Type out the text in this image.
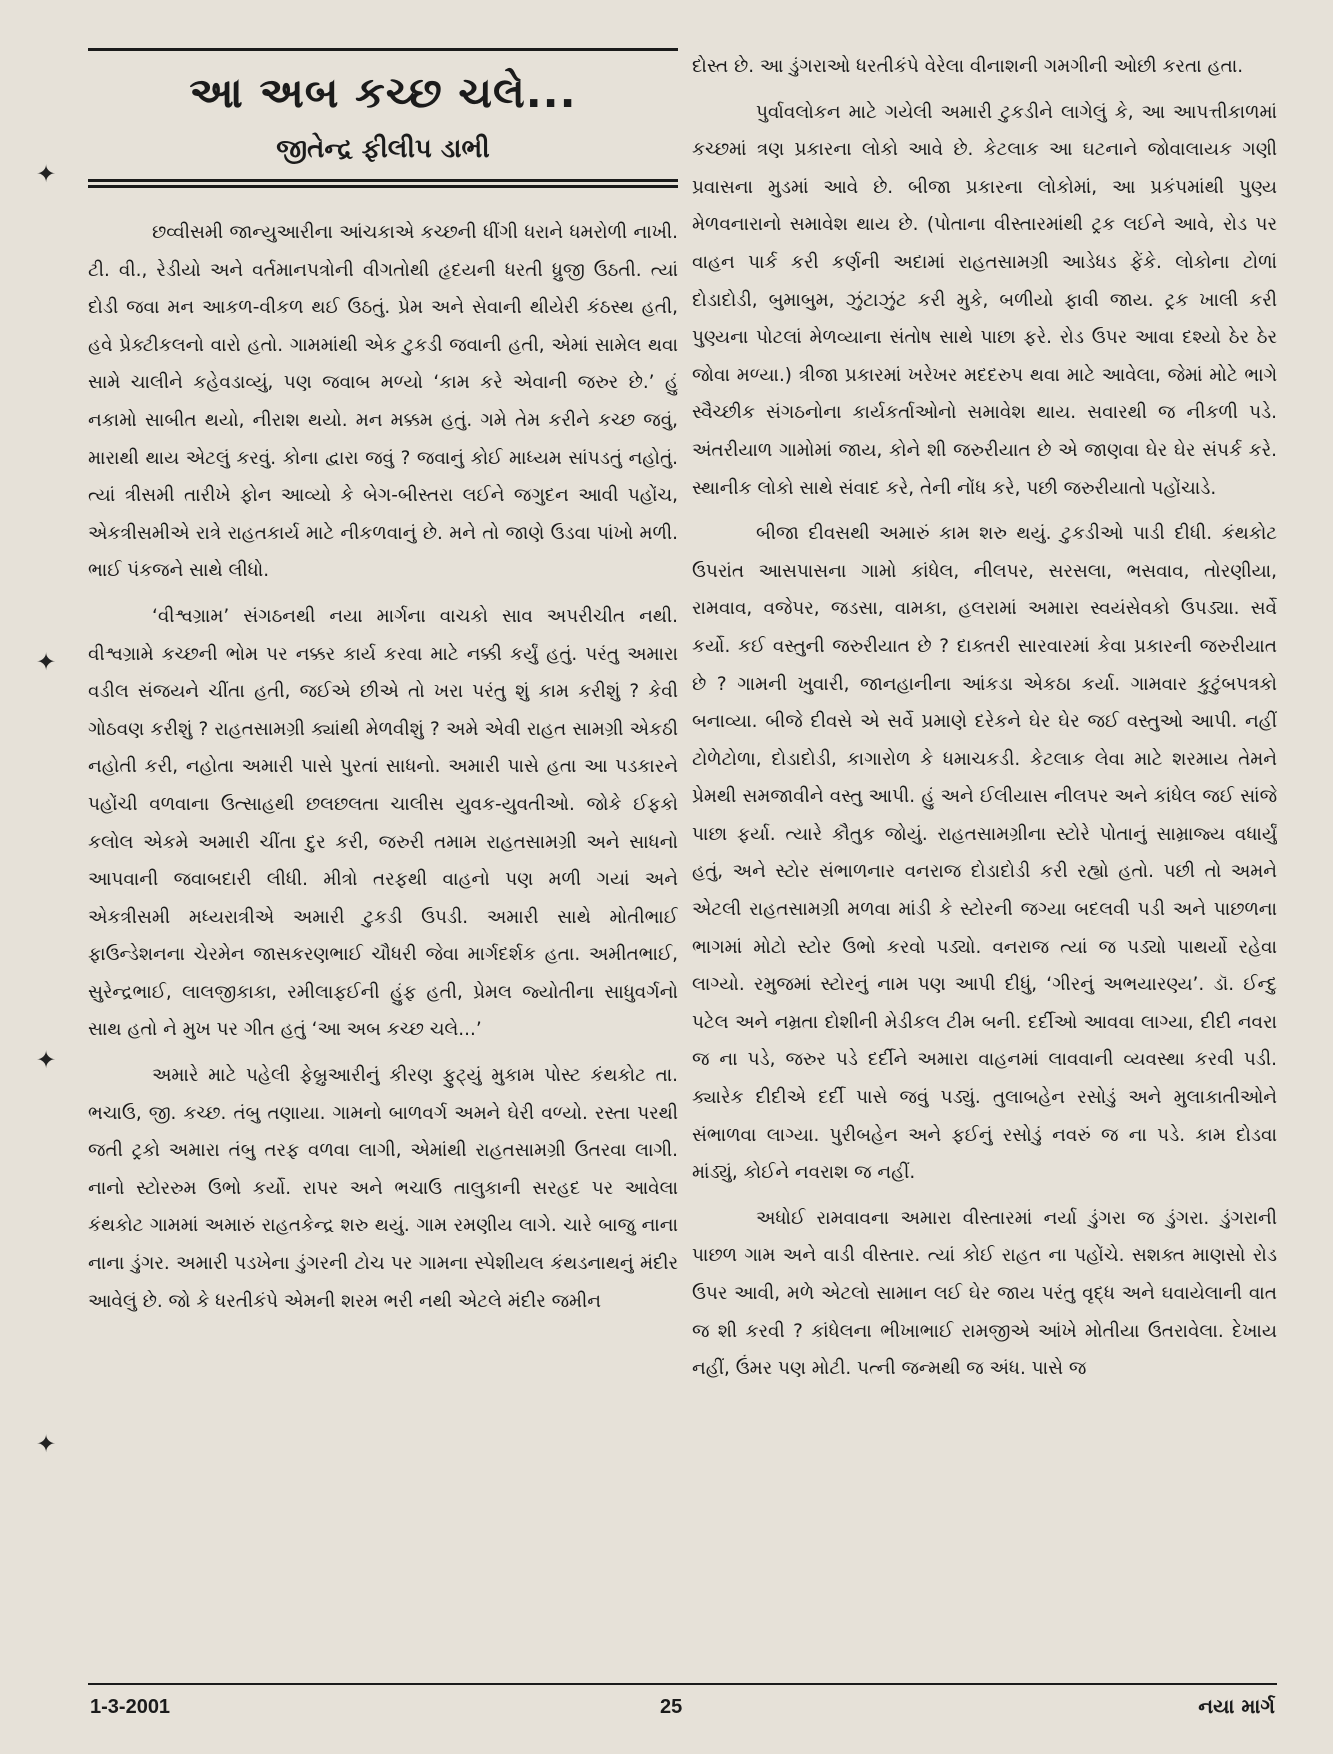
આ અબ કચ્છ ચલે...
જીતેન્દ્ર ફીલીપ ડાભી

છવ્વીસમી જાન્યુઆરીના આંચકાએ કચ્છની ધીંગી ધરાને ધમરોળી નાખી. ટી. વી., રેડીયો અને વર્તમાનપત્રોની વીગતોથી હૃદયની ધરતી ધ્રુજી ઉઠતી. ત્યાં દોડી જવા મન આકળ-વીકળ થઈ ઉઠતું. પ્રેમ અને સેવાની થીયેરી કંઠસ્થ હતી, હવે પ્રેક્ટીકલનો વારો હતો. ગામમાંથી એક ટુકડી જવાની હતી, એમાં સામેલ થવા સામે ચાલીને કહેવડાવ્યું, પણ જવાબ મળ્યો ‘કામ કરે એવાની જરુર છે.’ હું નકામો સાબીત થયો, નીરાશ થયો. મન મક્કમ હતું. ગમે તેમ કરીને કચ્છ જવું, મારાથી થાય એટલું કરવું. કોના દ્વારા જવું ? જવાનું કોઈ માધ્યમ સાંપડતું નહોતું. ત્યાં ત્રીસમી તારીખે ફોન આવ્યો કે બેગ-બીસ્તરા લઈને જગુદન આવી પહોંચ, એકત્રીસમીએ રાત્રે રાહતકાર્ય માટે નીકળવાનું છે. મને તો જાણે ઉડવા પાંખો મળી. ભાઈ પંકજને સાથે લીધો.

‘વીશ્વગ્રામ’ સંગઠનથી નયા માર્ગના વાચકો સાવ અપરીચીત નથી. વીશ્વગ્રામે કચ્છની ભોમ પર નક્કર કાર્ય કરવા માટે નક્કી કર્યું હતું. પરંતુ અમારા વડીલ સંજયને ચીંતા હતી, જઈએ છીએ તો ખરા પરંતુ શું કામ કરીશું ? કેવી ગોઠવણ કરીશું ? રાહતસામગ્રી ક્યાંથી મેળવીશું ? અમે એવી રાહત સામગ્રી એકઠી નહોતી કરી, નહોતા અમારી પાસે પુરતાં સાધનો. અમારી પાસે હતા આ પડકારને પહોંચી વળવાના ઉત્સાહથી છલછલતા ચાલીસ યુવક-યુવતીઓ. જોકે ઈફકો કલોલ એકમે અમારી ચીંતા દુર કરી, જરુરી તમામ રાહતસામગ્રી અને સાધનો આપવાની જવાબદારી લીધી. મીત્રો તરફથી વાહનો પણ મળી ગયાં અને એકત્રીસમી મધ્યરાત્રીએ અમારી ટુકડી ઉપડી. અમારી સાથે મોતીભાઈ ફાઉન્ડેશનના ચેરમેન જાસકરણભાઈ ચૌધરી જેવા માર્ગદર્શક હતા. અમીતભાઈ, સુરેન્દ્રભાઈ, લાલજીકાકા, રમીલાફઈની હુંફ હતી, પ્રેમલ જ્યોતીના સાધુવર્ગનો સાથ હતો ને મુખ પર ગીત હતું ‘આ અબ કચ્છ ચલે...’

અમારે માટે પહેલી ફેબ્રુઆરીનું કીરણ ફુટ્યું મુકામ પોસ્ટ કંથકોટ તા. ભચાઉ, જી. કચ્છ. તંબુ તણાયા. ગામનો બાળવર્ગ અમને ઘેરી વળ્યો. રસ્તા પરથી જતી ટ્રકો અમારા તંબુ તરફ વળવા લાગી, એમાંથી રાહતસામગ્રી ઉતરવા લાગી. નાનો સ્ટોરરુમ ઉભો કર્યો. રાપર અને ભચાઉ તાલુકાની સરહદ પર આવેલા કંથકોટ ગામમાં અમારું રાહતકેન્દ્ર શરુ થયું. ગામ રમણીય લાગે. ચારે બાજુ નાના નાના ડુંગર. અમારી પડખેના ડુંગરની ટોચ પર ગામના સ્પેશીયલ કંથડનાથનું મંદીર આવેલું છે. જો કે ધરતીકંપે એમની શરમ ભરી નથી એટલે મંદીર જમીન

દોસ્ત છે. આ ડુંગરાઓ ધરતીકંપે વેરેલા વીનાશની ગમગીની ઓછી કરતા હતા.

પુર્વાવલોકન માટે ગયેલી અમારી ટુકડીને લાગેલું કે, આ આપત્તીકાળમાં કચ્છમાં ત્રણ પ્રકારના લોકો આવે છે. કેટલાક આ ઘટનાને જોવાલાયક ગણી પ્રવાસના મુડમાં આવે છે. બીજા પ્રકારના લોકોમાં, આ પ્રકંપમાંથી પુણ્ય મેળવનારાનો સમાવેશ થાય છે. (પોતાના વીસ્તારમાંથી ટ્રક લઈને આવે, રોડ પર વાહન પાર્ક કરી કર્ણની અદામાં રાહતસામગ્રી આડેધડ ફેંકે. લોકોના ટોળાં દોડાદોડી, બુમાબુમ, ઝુંટાઝુંટ કરી મુકે, બળીયો ફાવી જાય. ટ્રક ખાલી કરી પુણ્યના પોટલાં મેળવ્યાના સંતોષ સાથે પાછા ફરે. રોડ ઉપર આવા દશ્યો ઠેર ઠેર જોવા મળ્યા.) ત્રીજા પ્રકારમાં ખરેખર મદદરુપ થવા માટે આવેલા, જેમાં મોટે ભાગે સ્વૈચ્છીક સંગઠનોના કાર્યકર્તાઓનો સમાવેશ થાય. સવારથી જ નીકળી પડે. અંતરીયાળ ગામોમાં જાય, કોને શી જરુરીયાત છે એ જાણવા ઘેર ઘેર સંપર્ક કરે. સ્થાનીક લોકો સાથે સંવાદ કરે, તેની નોંધ કરે, પછી જરુરીયાતો પહોંચાડે.

બીજા દીવસથી અમારું કામ શરુ થયું. ટુકડીઓ પાડી દીધી. કંથકોટ ઉપરાંત આસપાસના ગામો કાંધેલ, નીલપર, સરસલા, ભસવાવ, તોરણીયા, રામવાવ, વજેપર, જડસા, વામકા, હલરામાં અમારા સ્વયંસેવકો ઉપડ્યા. સર્વે કર્યો. કઈ વસ્તુની જરુરીયાત છે ? દાક્તરી સારવારમાં કેવા પ્રકારની જરુરીયાત છે ? ગામની ખુવારી, જાનહાનીના આંકડા એકઠા કર્યા. ગામવાર કુટુંબપત્રકો બનાવ્યા. બીજે દીવસે એ સર્વે પ્રમાણે દરેકને ઘેર ઘેર જઈ વસ્તુઓ આપી. નહીં ટોળેટોળા, દોડાદોડી, કાગારોળ કે ધમાચકડી. કેટલાક લેવા માટે શરમાય તેમને પ્રેમથી સમજાવીને વસ્તુ આપી. હું અને ઈલીયાસ નીલપર અને કાંધેલ જઈ સાંજે પાછા ફર્યા. ત્યારે કૌતુક જોયું. રાહતસામગ્રીના સ્ટોરે પોતાનું સામ્રાજ્ય વધાર્યું હતું, અને સ્ટોર સંભાળનાર વનરાજ દોડાદોડી કરી રહ્યો હતો. પછી તો અમને એટલી રાહતસામગ્રી મળવા માંડી કે સ્ટોરની જગ્યા બદલવી પડી અને પાછળના ભાગમાં મોટો સ્ટોર ઉભો કરવો પડ્યો. વનરાજ ત્યાં જ પડ્યો પાથર્યો રહેવા લાગ્યો. રમુજમાં સ્ટોરનું નામ પણ આપી દીધું, ‘ગીરનું અભયારણ્ય’. ડૉ. ઈન્દુ પટેલ અને નમ્રતા દોશીની મેડીકલ ટીમ બની. દર્દીઓ આવવા લાગ્યા, દીદી નવરા જ ના પડે, જરુર પડે દર્દીને અમારા વાહનમાં લાવવાની વ્યવસ્થા કરવી પડી. ક્યારેક દીદીએ દર્દી પાસે જવું પડ્યું. તુલાબહેન રસોડું અને મુલાકાતીઓને સંભાળવા લાગ્યા. પુરીબહેન અને ફઈનું રસોડું નવરું જ ના પડે. કામ દોડવા માંડ્યું, કોઈને નવરાશ જ નહીં.

અધોઈ રામવાવના અમારા વીસ્તારમાં નર્યા ડુંગરા જ ડુંગરા. ડુંગરાની પાછળ ગામ અને વાડી વીસ્તાર. ત્યાં કોઈ રાહત ના પહોંચે. સશક્ત માણસો રોડ ઉપર આવી, મળે એટલો સામાન લઈ ઘેર જાય પરંતુ વૃદ્ધ અને ઘવાયેલાની વાત જ શી કરવી ? કાંધેલના ભીખાભાઈ રામજીએ આંખે મોતીયા ઉતરાવેલા. દેખાય નહીં, ઉંમર પણ મોટી. પત્ની જન્મથી જ અંધ. પાસે જ

✦
✦
✦
✦
1-3-2001	25	નયા માર્ગ
